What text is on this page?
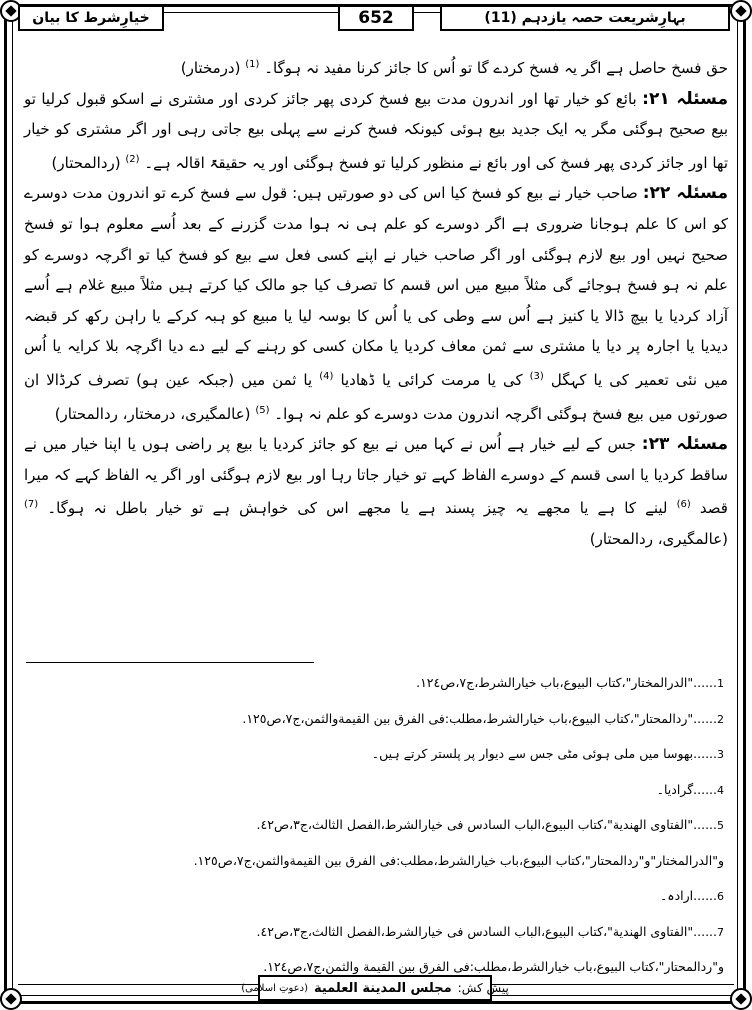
بہارِشریعت حصہ یازدہم (11)
652
خیارِشرط کا بیان

حق فسخ حاصل ہے اگر یہ فسخ کردے گا تو اُس کا جائز کرنا مفید نہ ہوگا۔ $^{(1)}$ (درمختار)

مسئلہ ۲۱: بائع کو خیار تھا اور اندرون مدت بیع فسخ کردی پھر جائز کردی اور مشتری نے اسکو قبول کرلیا تو بیع صحیح ہوگئی مگر یہ ایک جدید بیع ہوئی کیونکہ فسخ کرنے سے پہلی بیع جاتی رہی اور اگر مشتری کو خیار تھا اور جائز کردی پھر فسخ کی اور بائع نے منظور کرلیا تو فسخ ہوگئی اور یہ حقیقۃً اقالہ ہے۔ $^{(2)}$ (ردالمحتار)

مسئلہ ۲۲: صاحب خیار نے بیع کو فسخ کیا اس کی دو صورتیں ہیں: قول سے فسخ کرے تو اندرون مدت دوسرے کو اس کا علم ہوجانا ضروری ہے اگر دوسرے کو علم ہی نہ ہوا مدت گزرنے کے بعد اُسے معلوم ہوا تو فسخ صحیح نہیں اور بیع لازم ہوگئی اور اگر صاحب خیار نے اپنے کسی فعل سے بیع کو فسخ کیا تو اگرچہ دوسرے کو علم نہ ہو فسخ ہوجائے گی مثلاً مبیع میں اس قسم کا تصرف کیا جو مالک کیا کرتے ہیں مثلاً مبیع غلام ہے اُسے آزاد کردیا یا بیچ ڈالا یا کنیز ہے اُس سے وطی کی یا اُس کا بوسہ لیا یا مبیع کو ہبہ کرکے یا راہن رکھ کر قبضہ دیدیا یا اجارہ پر دیا یا مشتری سے ثمن معاف کردیا یا مکان کسی کو رہنے کے لیے دے دیا اگرچہ بلا کرایہ یا اُس میں نئی تعمیر کی یا کہگل $^{(3)}$ کی یا مرمت کرائی یا ڈھادیا $^{(4)}$ یا ثمن میں (جبکہ عین ہو) تصرف کرڈالا ان صورتوں میں بیع فسخ ہوگئی اگرچہ اندرون مدت دوسرے کو علم نہ ہوا۔ $^{(5)}$ (عالمگیری، درمختار، ردالمحتار)

مسئلہ ۲۳: جس کے لیے خیار ہے اُس نے کہا میں نے بیع کو جائز کردیا یا بیع پر راضی ہوں یا اپنا خیار میں نے ساقط کردیا یا اسی قسم کے دوسرے الفاظ کہے تو خیار جاتا رہا اور بیع لازم ہوگئی اور اگر یہ الفاظ کہے کہ میرا قصد $^{(6)}$ لینے کا ہے یا مجھے یہ چیز پسند ہے یا مجھے اس کی خواہش ہے تو خیار باطل نہ ہوگا۔ $^{(7)}$ (عالمگیری، ردالمحتار)

1......"الدرالمختار"،كتاب البيوع،باب خيارالشرط،ج٧،ص١٢٤.
2......"ردالمحتار"،كتاب البيوع،باب خيارالشرط،مطلب:فی الفرق بين القيمةوالثمن،ج٧،ص١٢٥.
3......بھوسا میں ملی ہوئی مٹی جس سے دیوار پر پلستر کرتے ہیں۔
4......گرادیا۔
5......"الفتاوی الهندية"،كتاب البيوع،الباب السادس فی خيارالشرط،الفصل الثالث،ج٣،ص٤٢.
و"الدرالمختار"و"ردالمحتار"،كتاب البيوع،باب خيارالشرط،مطلب:فی الفرق بين القيمةوالثمن،ج٧،ص١٢٥.
6......ارادہ۔
7......"الفتاوی الهندية"،كتاب البيوع،الباب السادس فی خيارالشرط،الفصل الثالث،ج٣،ص٤٢.
و"ردالمحتار"،كتاب البيوع،باب خيارالشرط،مطلب:فی الفرق بين القيمة والثمن،ج٧،ص١٢٤.
پیش کش:
مجلس المدينة العلمية
(دعوتِ اسلامی)
